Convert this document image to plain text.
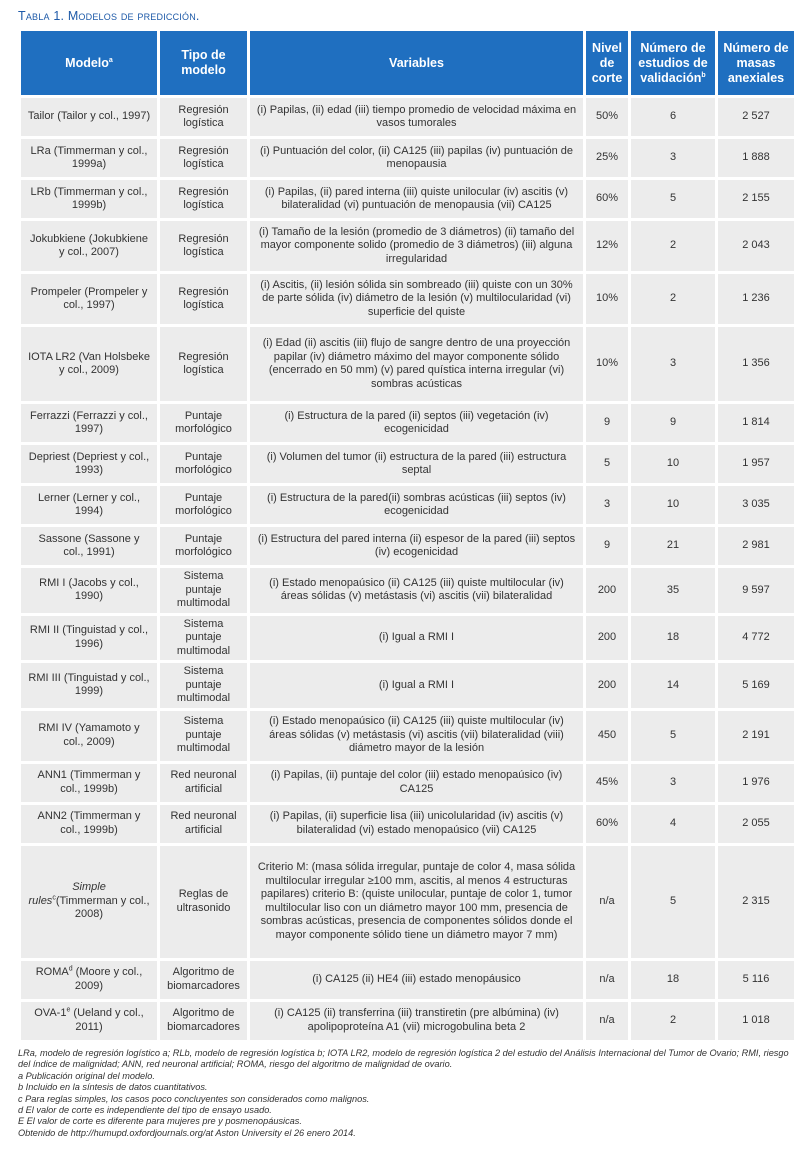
Tabla 1. Modelos de predicción.
Modelo$^a$	Tipo de modelo	Variables	Nivel de corte	Número de estudios de validación$^b$	Número de masas anexiales
Tailor (Tailor y col., 1997)	Regresión logística	(i) Papilas, (ii) edad (iii) tiempo promedio de velocidad máxima en vasos tumorales	50%	6	2 527
LRa (Timmerman y col., 1999a)	Regresión logística	(i) Puntuación del color, (ii) CA125 (iii) papilas (iv) puntuación de menopausia	25%	3	1 888
LRb (Timmerman y col., 1999b)	Regresión logística	(i) Papilas, (ii) pared interna (iii) quiste unilocular (iv) ascitis (v) bilateralidad (vi) puntuación de menopausia (vii) CA125	60%	5	2 155
Jokubkiene (Jokubkiene y col., 2007)	Regresión logística	(i) Tamaño de la lesión (promedio de 3 diámetros) (ii) tamaño del mayor componente solido (promedio de 3 diámetros) (iii) alguna irregularidad	12%	2	2 043
Prompeler (Prompeler y col., 1997)	Regresión logística	(i) Ascitis, (ii) lesión sólida sin sombreado (iii) quiste con un 30% de parte sólida (iv) diámetro de la lesión (v) multilocularidad (vi) superficie del quiste	10%	2	1 236
IOTA LR2 (Van Holsbeke y col., 2009)	Regresión logística	(i) Edad (ii) ascitis (iii) flujo de sangre dentro de una proyección papilar (iv) diámetro máximo del mayor componente sólido (encerrado en 50 mm) (v) pared quística interna irregular (vi) sombras acústicas	10%	3	1 356
Ferrazzi (Ferrazzi y col., 1997)	Puntaje morfológico	(i) Estructura de la pared (ii) septos (iii) vegetación (iv) ecogenicidad	9	9	1 814
Depriest (Depriest y col., 1993)	Puntaje morfológico	(i) Volumen del tumor (ii) estructura de la pared (iii) estructura septal	5	10	1 957
Lerner (Lerner y col., 1994)	Puntaje morfológico	(i) Estructura de la pared(ii) sombras acústicas (iii) septos (iv) ecogenicidad	3	10	3 035
Sassone (Sassone y col., 1991)	Puntaje morfológico	(i) Estructura del pared interna (ii) espesor de la pared (iii) septos (iv) ecogenicidad	9	21	2 981
RMI I (Jacobs y col., 1990)	Sistema puntaje multimodal	(i) Estado menopaúsico (ii) CA125 (iii) quiste multilocular (iv) áreas sólidas (v) metástasis (vi) ascitis (vii) bilateralidad	200	35	9 597
RMI II (Tinguistad y col., 1996)	Sistema puntaje multimodal	(i) Igual a RMI I	200	18	4 772
RMI III (Tinguistad y col., 1999)	Sistema puntaje multimodal	(i) Igual a RMI I	200	14	5 169
RMI IV (Yamamoto y col., 2009)	Sistema puntaje multimodal	(i) Estado menopaúsico (ii) CA125 (iii) quiste multilocular (iv) áreas sólidas (v) metástasis (vi) ascitis (vii) bilateralidad (viii) diámetro mayor de la lesión	450	5	2 191
ANN1 (Timmerman y col., 1999b)	Red neuronal artificial	(i) Papilas, (ii) puntaje del color (iii) estado menopaúsico (iv) CA125	45%	3	1 976
ANN2 (Timmerman y col., 1999b)	Red neuronal artificial	(i) Papilas, (ii) superficie lisa (iii) unicolularidad (iv) ascitis (v) bilateralidad (vi) estado menopaúsico (vii) CA125	60%	4	2 055
Simple rules$^c$(Timmerman y col., 2008)	Reglas de ultrasonido	Criterio M: (masa sólida irregular, puntaje de color 4, masa sólida multilocular irregular ≥100 mm, ascitis, al menos 4 estructuras papilares) criterio B: (quiste unilocular, puntaje de color 1, tumor multilocular liso con un diámetro mayor 100 mm, presencia de sombras acústicas, presencia de componentes sólidos donde el mayor componente sólido tiene un diámetro mayor 7 mm)	n/a	5	2 315
ROMA$^d$ (Moore y col., 2009)	Algoritmo de biomarcadores	(i) CA125 (ii) HE4 (iii) estado menopáusico	n/a	18	5 116
OVA-1e (Ueland y col., 2011)	Algoritmo de biomarcadores	(i) CA125 (ii) transferrina (iii) transtiretin (pre albúmina) (iv) apolipoproteína A1 (vii) microgobulina beta 2	n/a	2	1 018

LRa, modelo de regresión logístico a; RLb, modelo de regresión logística b; IOTA LR2, modelo de regresión logística 2 del estudio del Análisis Internacional del Tumor de Ovario; RMI, riesgo del índice de malignidad; ANN, red neuronal artificial; ROMA, riesgo del algoritmo de malignidad de ovario.

a Publicación original del modelo.

b Incluido en la síntesis de datos cuantitativos.

c Para reglas simples, los casos poco concluyentes son considerados como malignos.

d El valor de corte es independiente del tipo de ensayo usado.

E El valor de corte es diferente para mujeres pre y posmenopáusicas.

Obtenido de http://humupd.oxfordjournals.org/at Aston University el 26 enero 2014.
